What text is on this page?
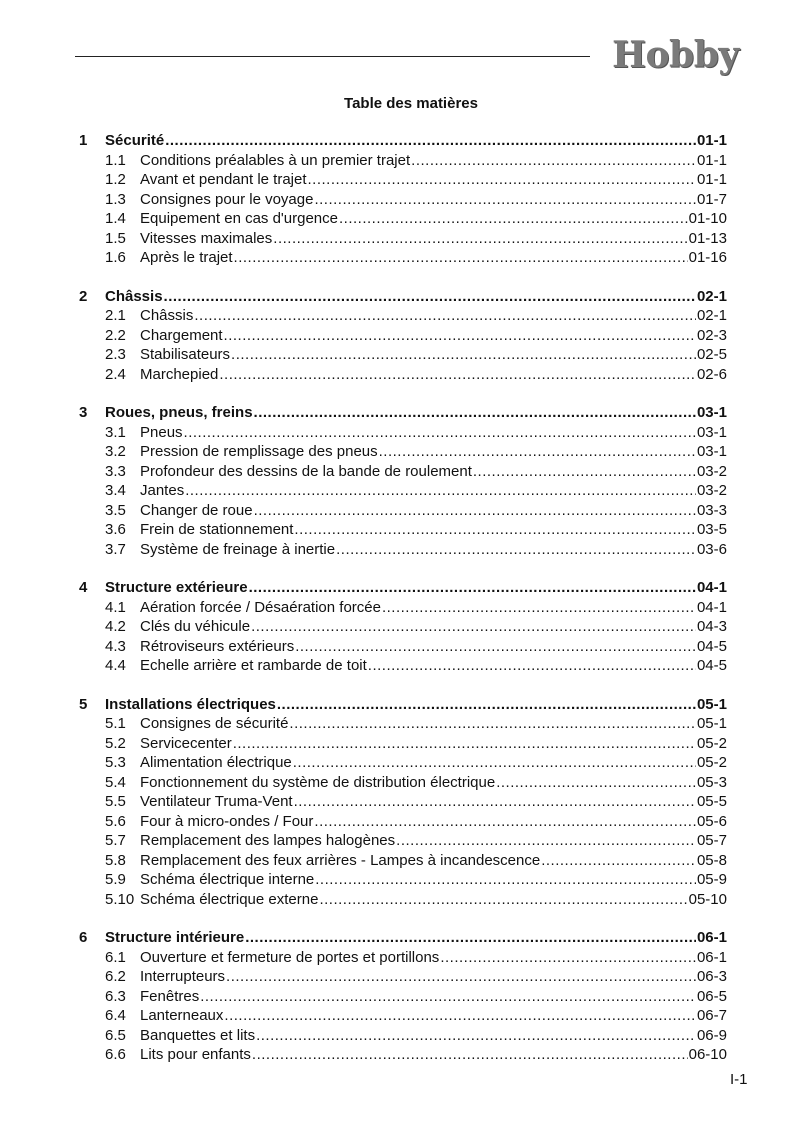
Hobby
Table des matières
1	Sécurité .....	01-1
1.1 Conditions préalables à un premier trajet .....	01-1
1.2 Avant et pendant le trajet .....	01-1
1.3 Consignes pour le voyage .....	01-7
1.4 Equipement en cas d'urgence .....	01-10
1.5 Vitesses maximales .....	01-13
1.6 Après le trajet .....	01-16
2	Châssis .....	02-1
2.1 Châssis .....	02-1
2.2 Chargement .....	02-3
2.3 Stabilisateurs .....	02-5
2.4 Marchepied .....	02-6
3	Roues, pneus, freins .....	03-1
3.1 Pneus .....	03-1
3.2 Pression de remplissage des pneus .....	03-1
3.3 Profondeur des dessins de la bande de roulement .....	03-2
3.4 Jantes .....	03-2
3.5 Changer de roue .....	03-3
3.6 Frein de stationnement .....	03-5
3.7 Système de freinage à inertie .....	03-6
4	Structure extérieure .....	04-1
4.1 Aération forcée / Désaération forcée .....	04-1
4.2 Clés du véhicule .....	04-3
4.3 Rétroviseurs extérieurs .....	04-5
4.4 Echelle arrière et rambarde de toit .....	04-5
5	Installations électriques .....	05-1
5.1 Consignes de sécurité .....	05-1
5.2 Servicecenter .....	05-2
5.3 Alimentation électrique .....	05-2
5.4 Fonctionnement du système de distribution électrique .....	05-3
5.5 Ventilateur Truma-Vent .....	05-5
5.6 Four à micro-ondes / Four .....	05-6
5.7 Remplacement des lampes halogènes .....	05-7
5.8 Remplacement des feux arrières - Lampes à incandescence .....	05-8
5.9 Schéma électrique interne .....	05-9
5.10 Schéma électrique externe .....	05-10
6	Structure intérieure .....	06-1
6.1 Ouverture et fermeture de portes et portillons .....	06-1
6.2 Interrupteurs .....	06-3
6.3 Fenêtres .....	06-5
6.4 Lanterneaux .....	06-7
6.5 Banquettes et lits .....	06-9
6.6 Lits pour enfants .....	06-10
I-1
